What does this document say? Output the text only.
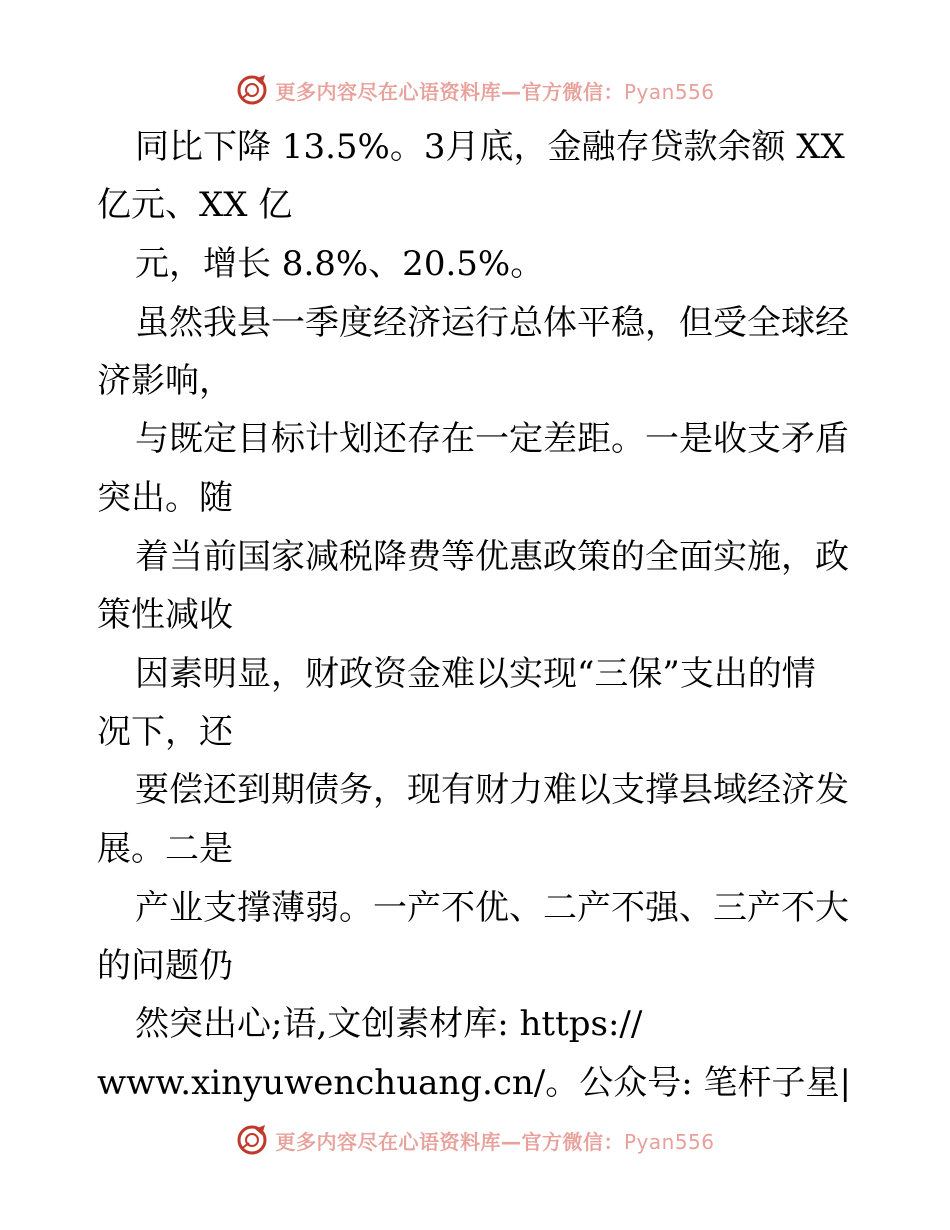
更多内容尽在心语资料库—官方微信：Pyan556
同比下降 13.5%。3月底，金融存贷款余额 XX
亿元、XX 亿
元，增长 8.8%、20.5%。
虽然我县一季度经济运行总体平稳，但受全球经
济影响，
与既定目标计划还存在一定差距。一是收支矛盾
突出。随
着当前国家减税降费等优惠政策的全面实施，政
策性减收
因素明显，财政资金难以实现“三保”支出的情
况下，还
要偿还到期债务，现有财力难以支撑县域经济发
展。二是
产业支撑薄弱。一产不优、二产不强、三产不大
的问题仍
然突出心;语,文创素材库: https://
www.xinyuwenchuang.cn/。公众号: 笔杆子星|
更多内容尽在心语资料库—官方微信：Pyan556
